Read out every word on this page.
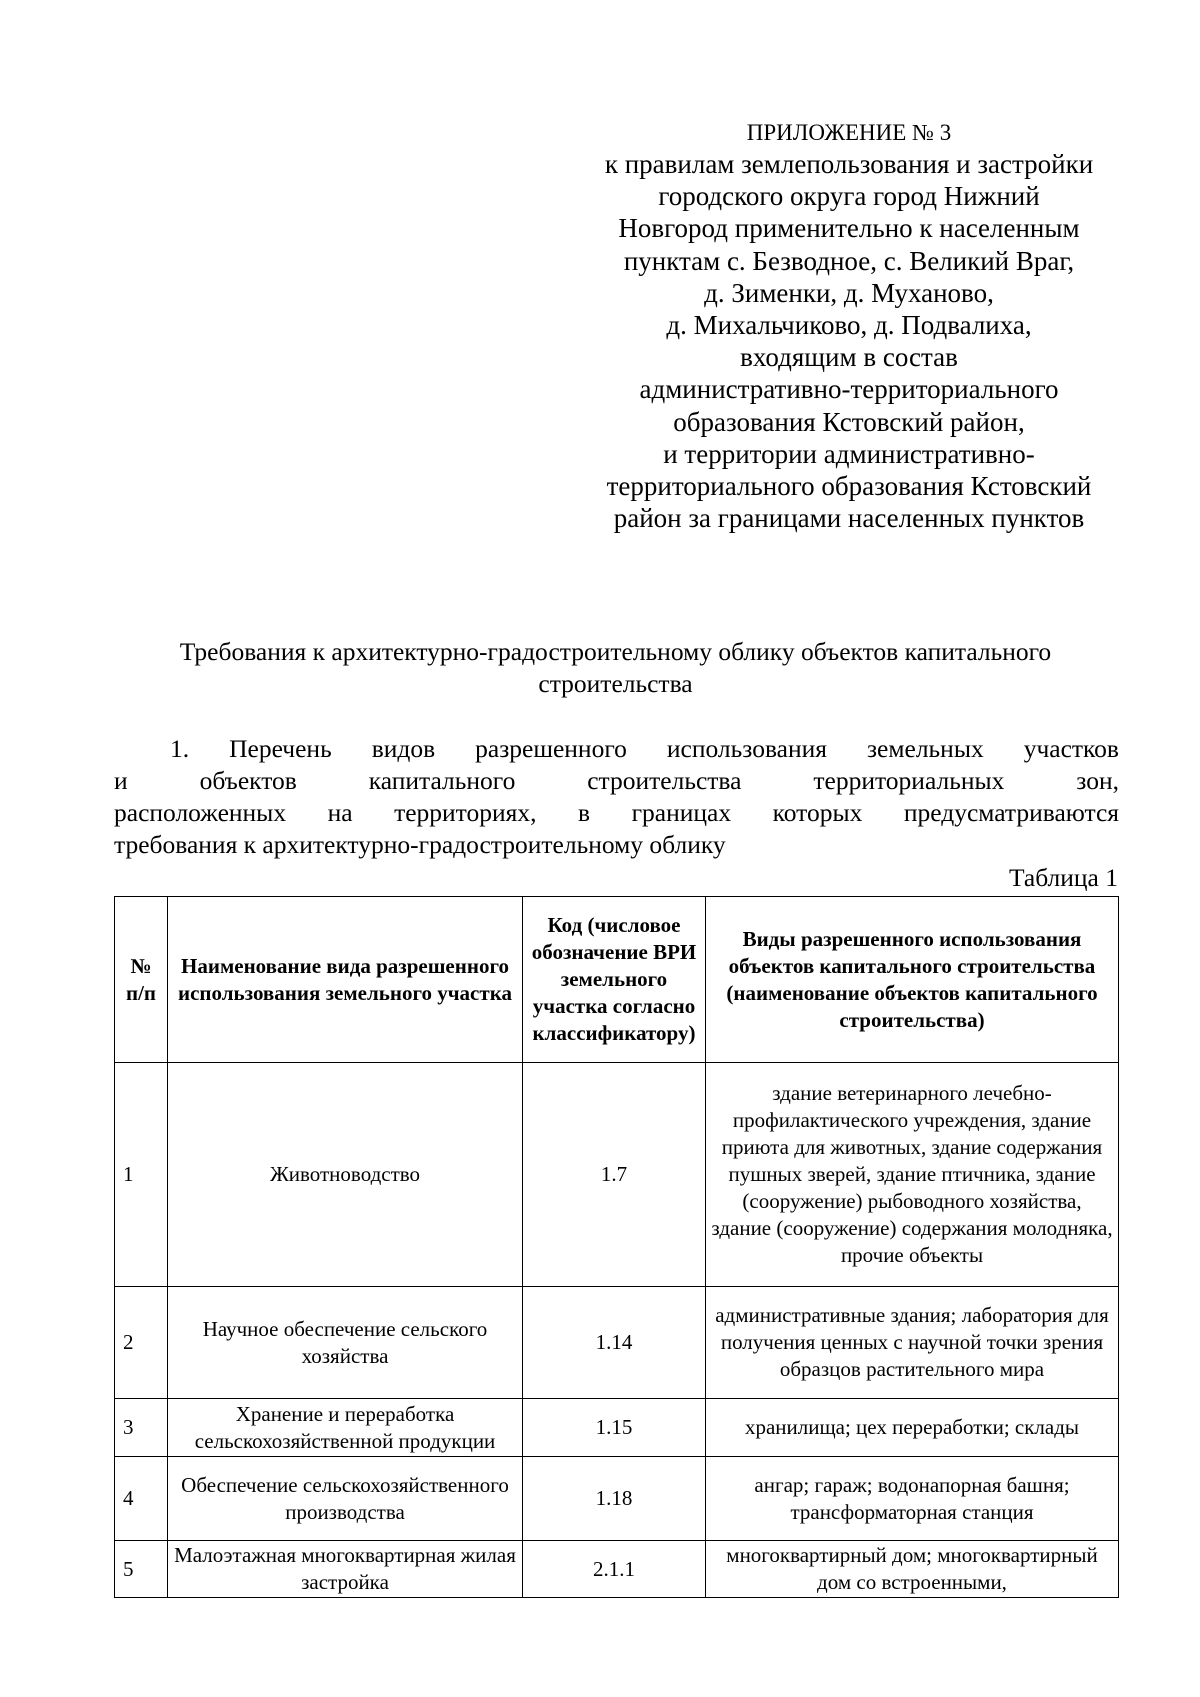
ПРИЛОЖЕНИЕ № 3
к правилам землепользования и застройки
городского округа город Нижний
Новгород применительно к населенным
пунктам с. Безводное, с. Великий Враг,
д. Зименки, д. Муханово,
д. Михальчиково, д. Подвалиха,
входящим в состав
административно-территориального
образования Кстовский район,
и территории административно-
территориального образования Кстовский
район за границами населенных пунктов
Требования к архитектурно-градостроительному облику объектов капитального строительства
1. Перечень видов разрешенного использования земельных участков
и	объектов	капитального	строительства	территориальных	зон,
расположенных на территориях, в границах которых предусматриваются
требования к архитектурно-градостроительному облику
Таблица 1
№ п/п	Наименование вида разрешенного использования земельного участка	Код (числовое обозначение ВРИ земельного участка согласно классификатору)	Виды разрешенного использования объектов капитального строительства (наименование объектов капитального строительства)
1	Животноводство	1.7	здание ветеринарного лечебно-профилактического учреждения, здание приюта для животных, здание содержания пушных зверей, здание птичника, здание (сооружение) рыбоводного хозяйства, здание (сооружение) содержания молодняка, прочие объекты
2	Научное обеспечение сельского хозяйства	1.14	административные здания; лаборатория для получения ценных с научной точки зрения образцов растительного мира
3	Хранение и переработка сельскохозяйственной продукции	1.15	хранилища; цех переработки; склады
4	Обеспечение сельскохозяйственного производства	1.18	ангар; гараж; водонапорная башня; трансформаторная станция
5	Малоэтажная многоквартирная жилая застройка	2.1.1	многоквартирный дом; многоквартирный дом со встроенными,
